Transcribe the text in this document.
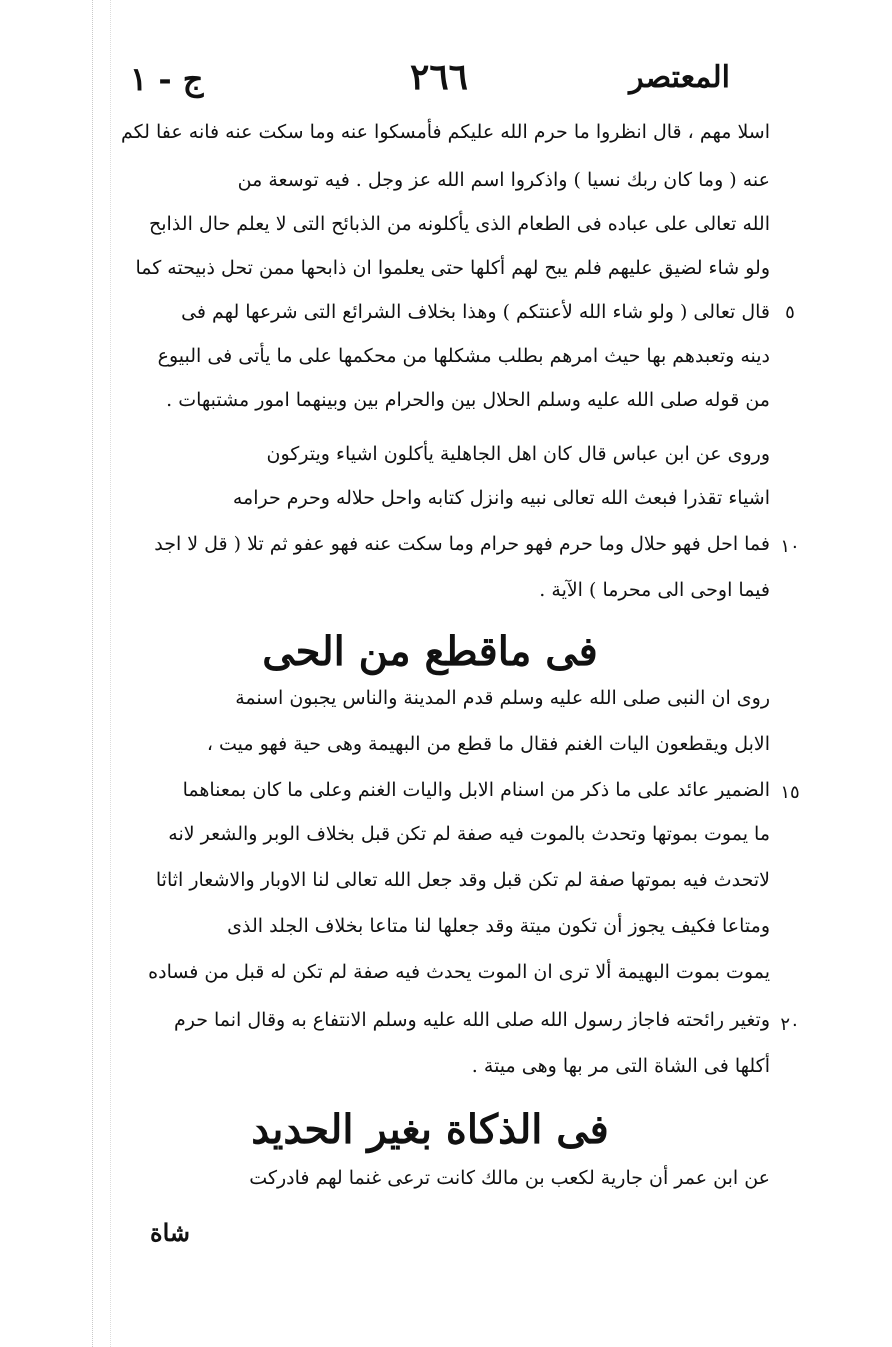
ج - ١	٢٦٦	المعتصر
اسلا مهم ، قال انظروا ما حرم الله عليكم فأمسكوا عنه وما سكت عنه فانه عفا لكم
عنه ( وما كان ربك نسيا ) واذكروا اسم الله عز وجل . فيه توسعة من
الله تعالى على عباده فى الطعام الذى يأكلونه من الذبائح التى لا يعلم حال الذابح
ولو شاء لضيق عليهم فلم يبح لهم أكلها حتى يعلموا ان ذابحها ممن تحل ذبيحته كما
قال تعالى ( ولو شاء الله لأعنتكم ) وهذا بخلاف الشرائع التى شرعها لهم فى ٥
دينه وتعبدهم بها حيث امرهم بطلب مشكلها من محكمها على ما يأتى فى البيوع
من قوله صلى الله عليه وسلم الحلال بين والحرام بين وبينهما امور مشتبهات .
وروى عن ابن عباس قال كان اهل الجاهلية يأكلون اشياء ويتركون
اشياء تقذرا فبعث الله تعالى نبيه وانزل كتابه واحل حلاله وحرم حرامه
فما احل فهو حلال وما حرم فهو حرام وما سكت عنه فهو عفو ثم تلا ( قل لا اجد ١٠
فيما اوحى الى محرما ) الآية .
فى ماقطع من الحى
روى ان النبى صلى الله عليه وسلم قدم المدينة والناس يجبون اسنمة
الابل ويقطعون اليات الغنم فقال ما قطع من البهيمة وهى حية فهو ميت ،
الضمير عائد على ما ذكر من اسنام الابل واليات الغنم وعلى ما كان بمعناهما ١٥
ما يموت بموتها وتحدث بالموت فيه صفة لم تكن قبل بخلاف الوبر والشعر لانه
لاتحدث فيه بموتها صفة لم تكن قبل وقد جعل الله تعالى لنا الاوبار والاشعار اثاثا
ومتاعا فكيف يجوز أن تكون ميتة وقد جعلها لنا متاعا بخلاف الجلد الذى
يموت بموت البهيمة ألا ترى ان الموت يحدث فيه صفة لم تكن له قبل من فساده
وتغير رائحته فاجاز رسول الله صلى الله عليه وسلم الانتفاع به وقال انما حرم ٢٠
أكلها فى الشاة التى مر بها وهى ميتة .
فى الذكاة بغير الحديد
عن ابن عمر أن جارية لكعب بن مالك كانت ترعى غنما لهم فادركت
شاة
